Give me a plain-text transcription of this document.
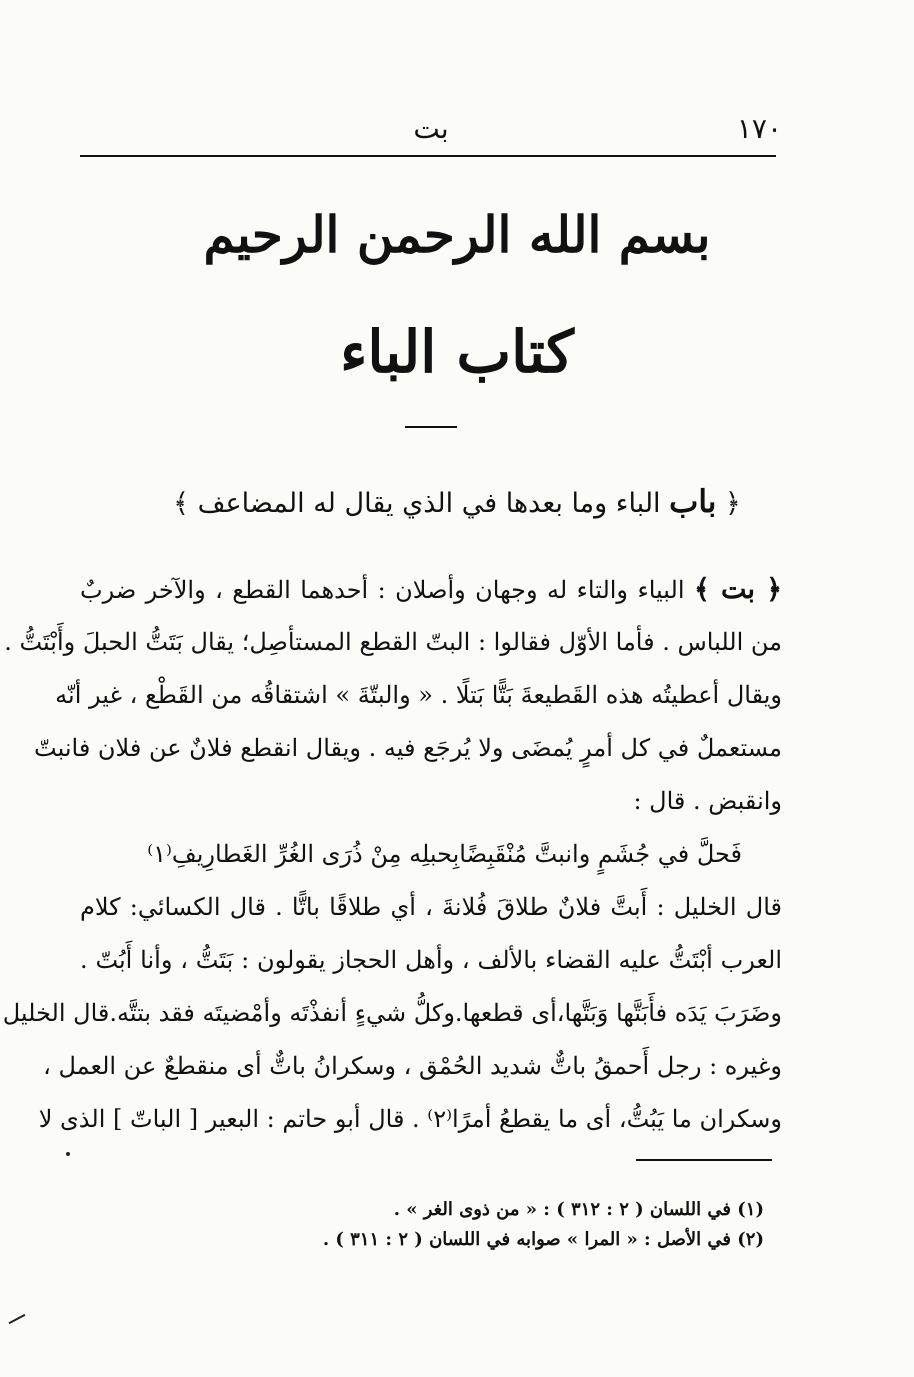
١٧٠
بت
بسم الله الرحمن الرحيم
كتاب الباء
﴿ باب الباء وما بعدها في الذي يقال له المضاعف ﴾
﴿ بت ﴾ البياء والتاء له وجهان وأصلان : أحدهما القطع ، والآخر ضربٌ
من اللباس . فأما الأوّل فقالوا : البتّ القطع المستأصِل؛ يقال بَتَتُّ الحبلَ وأَبْتَتُّ .
ويقال أعطيتُه هذه القَطيعةَ بَتًّا بَتلًا . « والبتّةَ » اشتقاقُه من القَطْع ، غير أنّه
مستعملٌ في كل أمرٍ يُمضَى ولا يُرجَع فيه . ويقال انقطع فلانٌ عن فلان فانبتّ
وانقبض . قال :
فَحلَّ في جُشَمٍ وانبتَّ مُنْقَبِضًا
بِحبلِه مِنْ ذُرَى الغُرِّ الغَطارِيفِ⁽١⁾
قال الخليل : أَبتَّ فلانٌ طلاقَ فُلانةَ ، أي طلاقًا باتًّا . قال الكسائي: كلام
العرب أبْتَتُّ عليه القضاء بالألف ، وأهل الحجاز يقولون : بَتَتُّ ، وأنا أَبُتّ .
وضَرَبَ يَدَه فأَبَتَّها وَبَتَّها،أى قطعها.وكلُّ شيءٍ أنفذْتَه وأمْضيتَه فقد بتتَّه.قال الخليل
وغيره : رجل أَحمقُ باتٌّ شديد الحُمْق ، وسكرانُ باتٌّ أى منقطعٌ عن العمل ،
وسكران ما يَبُتُّ، أى ما يقطعُ أمرًا⁽٢⁾ . قال أبو حاتم : البعير [ الباتّ ] الذى لا
(١) في اللسان ( ٢ : ٣١٢ ) : « من ذوى الغر » .
(٢) في الأصل : « المرا » صوابه في اللسان ( ٢ : ٣١١ ) .
